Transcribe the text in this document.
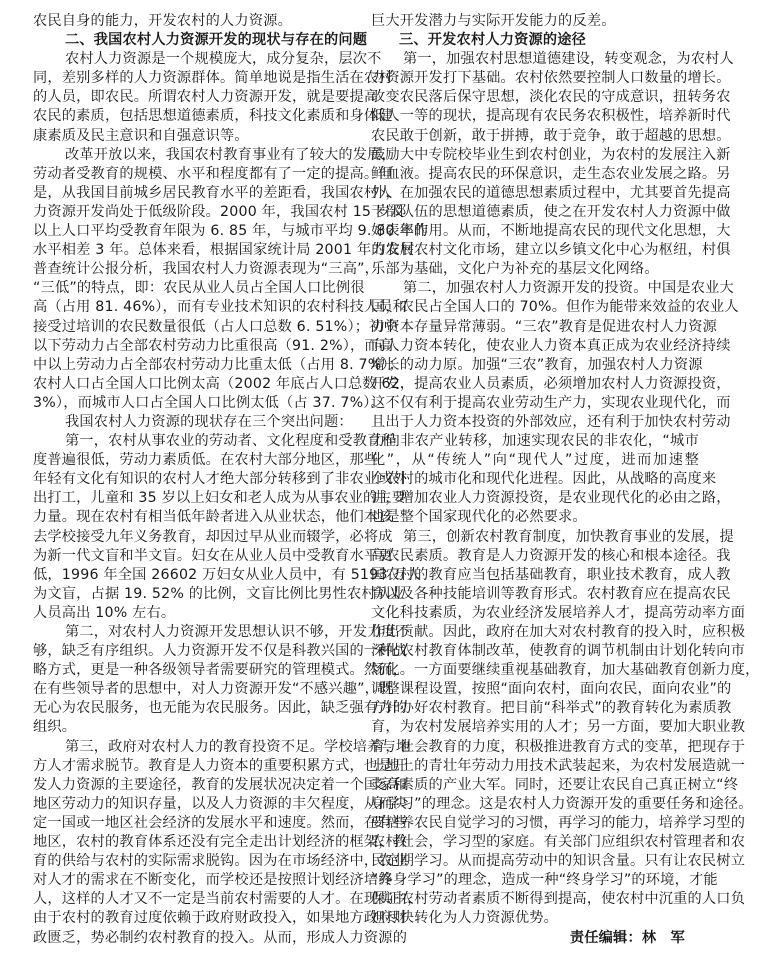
农民自身的能力，开发农村的人力资源。
二、我国农村人力资源开发的现状与存在的问题
农村人力资源是一个规模庞大，成分复杂，层次不
同，差别多样的人力资源群体。简单地说是指生活在农村
的人员，即农民。所谓农村人力资源开发，就是要提高
农民的素质，包括思想道德素质，科技文化素质和身体健
康素质及民主意识和自强意识等。
改革开放以来，我国农村教育事业有了较大的发展，
劳动者受教育的规模、水平和程度都有了一定的提高。但
是，从我国目前城乡居民教育水平的差距看，我国农村人
力资源开发尚处于低级阶段。2000 年，我国农村 15 岁及
以上人口平均受教育年限为 6. 85 年，与城市平均 9. 80 年的
水平相差 3 年。总体来看，根据国家统计局 2001 年的农村
普查统计公报分析，我国农村人力资源表现为“三高”，
“三低”的特点，即：农民从业人员占全国人口比例很
高（占用 81. 46%），而有专业技术知识的农村科技人员和
接受过培训的农民数量很低（占人口总数 6. 51%）；初中
以下劳动力占全部农村劳动力比重很高（91. 2%），而高
中以上劳动力占全部农村劳动力比重太低（占用 8. 7%）；
农村人口占全国人口比例太高（2002 年底占人口总数 62.
3%），而城市人口占全国人口比例太低（占 37. 7%）。
我国农村人力资源的现状存在三个突出问题：
第一，农村从事农业的劳动者、文化程度和受教育程
度普遍很低，劳动力素质低。在农村大部分地区，那些
年轻有文化有知识的农村人才绝大部分转移到了非农业或外
出打工，儿童和 35 岁以上妇女和老人成为从事农业的主要
力量。现在农村有相当低年龄者进入从业状态，他们本该
去学校接受九年义务教育，却因过早从业而辍学，必将成
为新一代文盲和半文盲。妇女在从业人员中受教育水平更
低，1996 年全国 26602 万妇女从业人员中，有 5193 万人
为文盲，占据 19. 52% 的比例，文盲比例比男性农村从业
人员高出 10% 左右。
第二，对农村人力资源开发思想认识不够，开发力度不
够，缺乏有序组织。人力资源开发不仅是科教兴国的一种战
略方式，更是一种各级领导者需要研究的管理模式。然而，
在有些领导者的思想中，对人力资源开发“不感兴趣”，既
无心为农民服务，也无能为农民服务。因此，缺乏强有力的
组织。
第三，政府对农村人力的教育投资不足。学校培养与地
方人才需求脱节。教育是人力资本的重要积累方式，也是开
发人力资源的主要途径，教育的发展状况决定着一个国家和
地区劳动力的知识存量，以及人力资源的丰欠程度，从而决
定一国或一地区社会经济的发展水平和速度。然而，在有些
地区，农村的教育体系还没有完全走出计划经济的框架，教
育的供给与农村的实际需求脱钩。因为在市场经济中，农业
对人才的需求在不断变化，而学校还是按照计划经济培养
人，这样的人才又不一定是当前农村需要的人才。在现实中，
由于农村的教育过度依赖于政府财政投入，如果地方政府财
政匮乏，势必制约农村教育的投入。从而，形成人力资源的
巨大开发潜力与实际开发能力的反差。
三、开发农村人力资源的途径
第一，加强农村思想道德建设，转变观念，为农村人
力资源开发打下基础。农村依然要控制人口数量的增长。
改变农民落后保守思想，淡化农民的守成意识，扭转务农
低人一等的现状，提高现有农民务农积极性，培养新时代
农民敢于创新，敢于拼搏，敢于竞争，敢于超越的思想。
鼓励大中专院校毕业生到农村创业，为农村的发展注入新
鲜血液。提高农民的环保意识，走生态农业发展之路。另
外，在加强农民的道德思想素质过程中，尤其要首先提高
干部队伍的思想道德素质，使之在开发农村人力资源中做
好表率作用。从而，不断地提高农民的现代文化思想，大
力发展农村文化市场，建立以乡镇文化中心为枢纽，村俱
乐部为基础，文化户为补充的基层文化网络。
第二，加强农村人力资源开发的投资。中国是农业大
国，农民占全国人口的 70%。但作为能带来效益的农业人
力资本存量异常薄弱。“三农”教育是促进农村人力资源
向人力资本转化，使农业人力资本真正成为农业经济持续
增长的动力原。加强“三农”教育，加强农村人力资源
开发，提高农业人员素质，必须增加农村人力资源投资，
这不仅有利于提高农业劳动生产力，实现农业现代化，而
且出于人力资本投资的外部效应，还有利于加快农村劳动
力向非农产业转移，加速实现农民的非农化，“城市
化”，从“传统人”向“现代人”过度，进而加速整
个农村的城市化和现代化进程。因此，从战略的高度来
讲，增加农业人力资源投资，是农业现代化的必由之路，
也是整个国家现代化的必然要求。
第三，创新农村教育制度，加快教育事业的发展，提
高农民素质。教育是人力资源开发的核心和根本途径。我
国农村的教育应当包括基础教育，职业技术教育，成人教
育以及各种技能培训等教育形式。农村教育应在提高农民
文化科技素质，为农业经济发展培养人才，提高劳动率方面
作出贡献。因此，政府在加大对农村教育的投入时，应积极
深化农村教育体制改革，使教育的调节机制由计划化转向市
场化。一方面要继续重视基础教育，加大基础教育创新力度，
调整课程设置，按照“面向农村，面向农民，面向农业”的
方针办好农村教育。把目前“科举式”的教育转化为素质教
育，为农村发展培养实用的人才；另一方面，要加大职业教
育，社会教育的力度，积极推进教育方式的变革，把现存于
土地上的青壮年劳动力用技术武装起来，为农村发展造就一
支高素质的产业大军。同时，还要让农民自己真正树立“终
身学习”的理念。这是农村人力资源开发的重要任务和途径。
要培养农民自觉学习的习惯，再学习的能力，培养学习型的
农村社会，学习型的家庭。有关部门应组织农村管理者和农
民定期学习。从而提高劳动中的知识含量。只有让农民树立
“终身学习”的理念，造成一种“终身学习”的环境，才能
保证农村劳动者素质不断得到提高，使农村中沉重的人口负
担尽快转化为人力资源优势。
责任编辑：林　军
